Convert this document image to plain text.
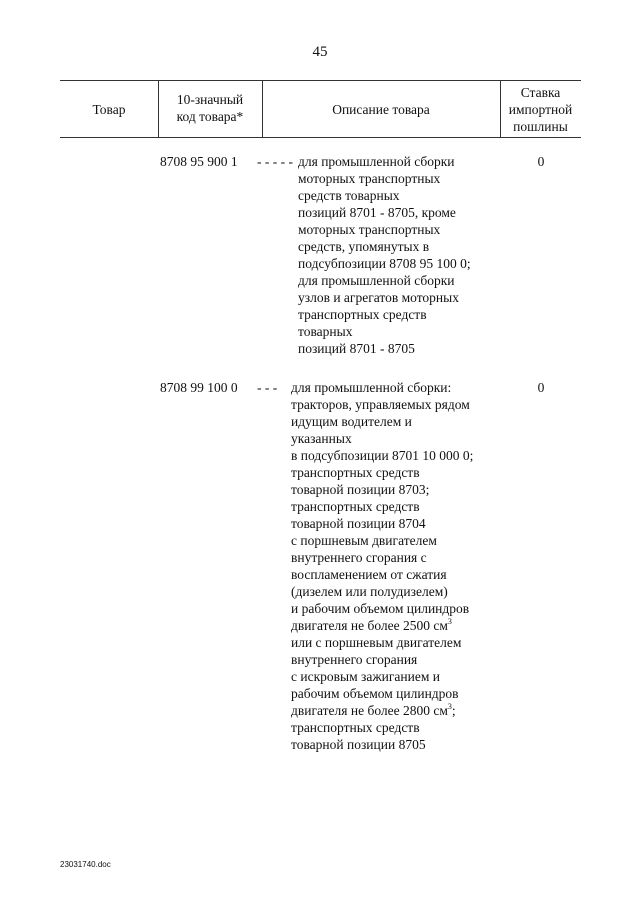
45
Товар
10-значный
код товара*	Описание товара
Ставка
импортной
пошлины
8708 95 900 1 - - - - - для промышленной сборки
моторных транспортных
средств товарных
позиций 8701 - 8705, кроме
моторных транспортных
средств, упомянутых в
подсубпозиции 8708 95 100 0;
для промышленной сборки
узлов и агрегатов моторных
транспортных средств
товарных
позиций 8701 - 8705
0
8708 99 100 0 - - - для промышленной сборки:
тракторов, управляемых рядом
идущим водителем и
указанных
в подсубпозиции 8701 10 000 0;
транспортных средств
товарной позиции 8703;
транспортных средств
товарной позиции 8704
с поршневым двигателем
внутреннего сгорания с
воспламенением от сжатия
(дизелем или полудизелем)
и рабочим объемом цилиндров
двигателя не более 2500 $см^3$
или с поршневым двигателем
внутреннего сгорания
с искровым зажиганием и
рабочим объемом цилиндров
двигателя не более 2800 $см^3$;
транспортных средств
товарной позиции 8705
0
23031740.doc
